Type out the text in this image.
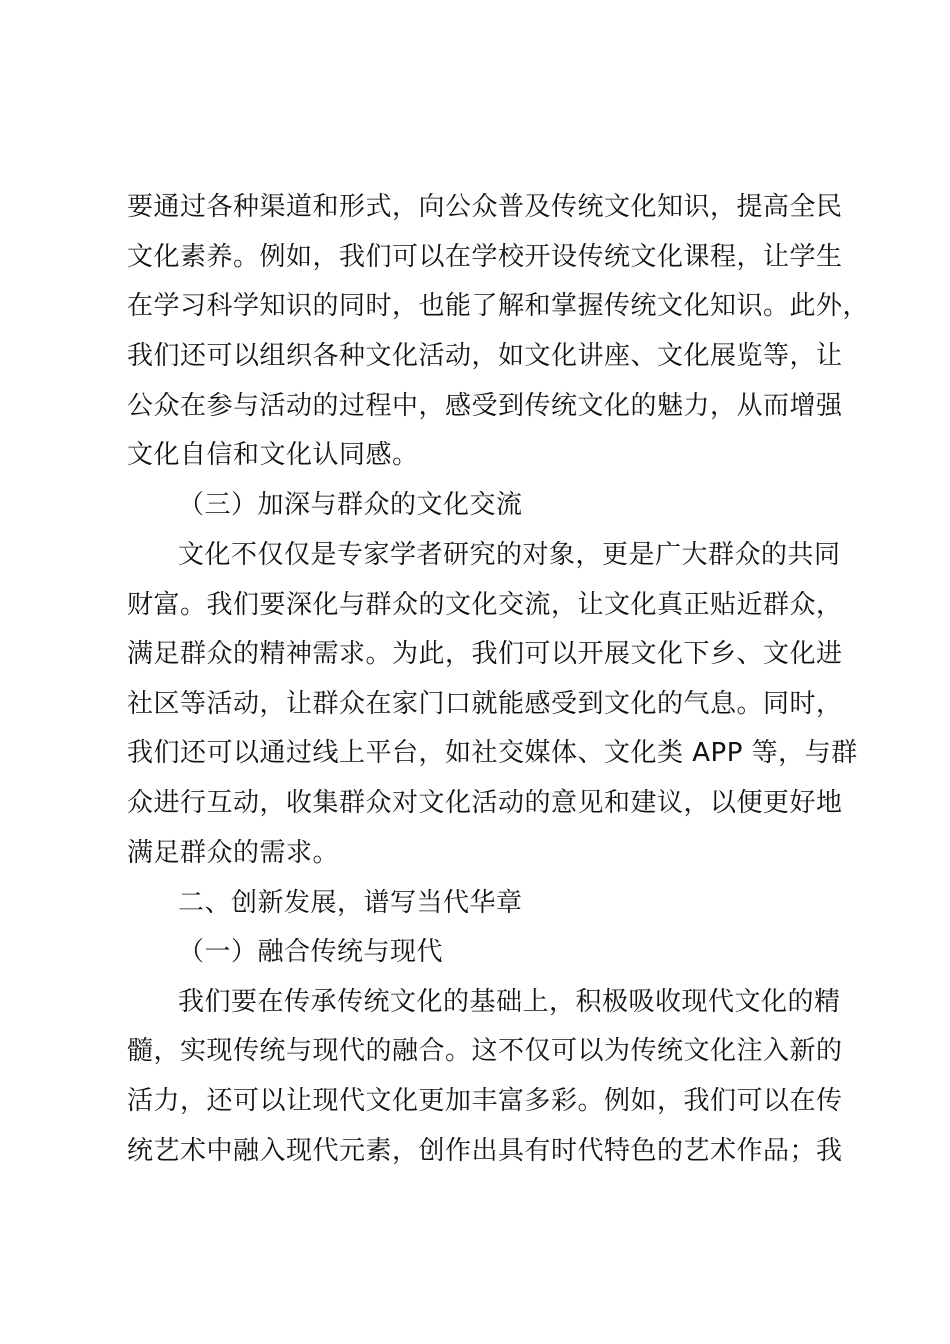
要通过各种渠道和形式，向公众普及传统文化知识，提高全民
文化素养。例如，我们可以在学校开设传统文化课程，让学生
在学习科学知识的同时，也能了解和掌握传统文化知识。此外，
我们还可以组织各种文化活动，如文化讲座、文化展览等，让
公众在参与活动的过程中，感受到传统文化的魅力，从而增强
文化自信和文化认同感。
（三）加深与群众的文化交流
文化不仅仅是专家学者研究的对象，更是广大群众的共同
财富。我们要深化与群众的文化交流，让文化真正贴近群众，
满足群众的精神需求。为此，我们可以开展文化下乡、文化进
社区等活动，让群众在家门口就能感受到文化的气息。同时，
我们还可以通过线上平台，如社交媒体、文化类 APP 等，与群
众进行互动，收集群众对文化活动的意见和建议，以便更好地
满足群众的需求。
二、创新发展，谱写当代华章
（一）融合传统与现代
我们要在传承传统文化的基础上，积极吸收现代文化的精
髓，实现传统与现代的融合。这不仅可以为传统文化注入新的
活力，还可以让现代文化更加丰富多彩。例如，我们可以在传
统艺术中融入现代元素，创作出具有时代特色的艺术作品；我
